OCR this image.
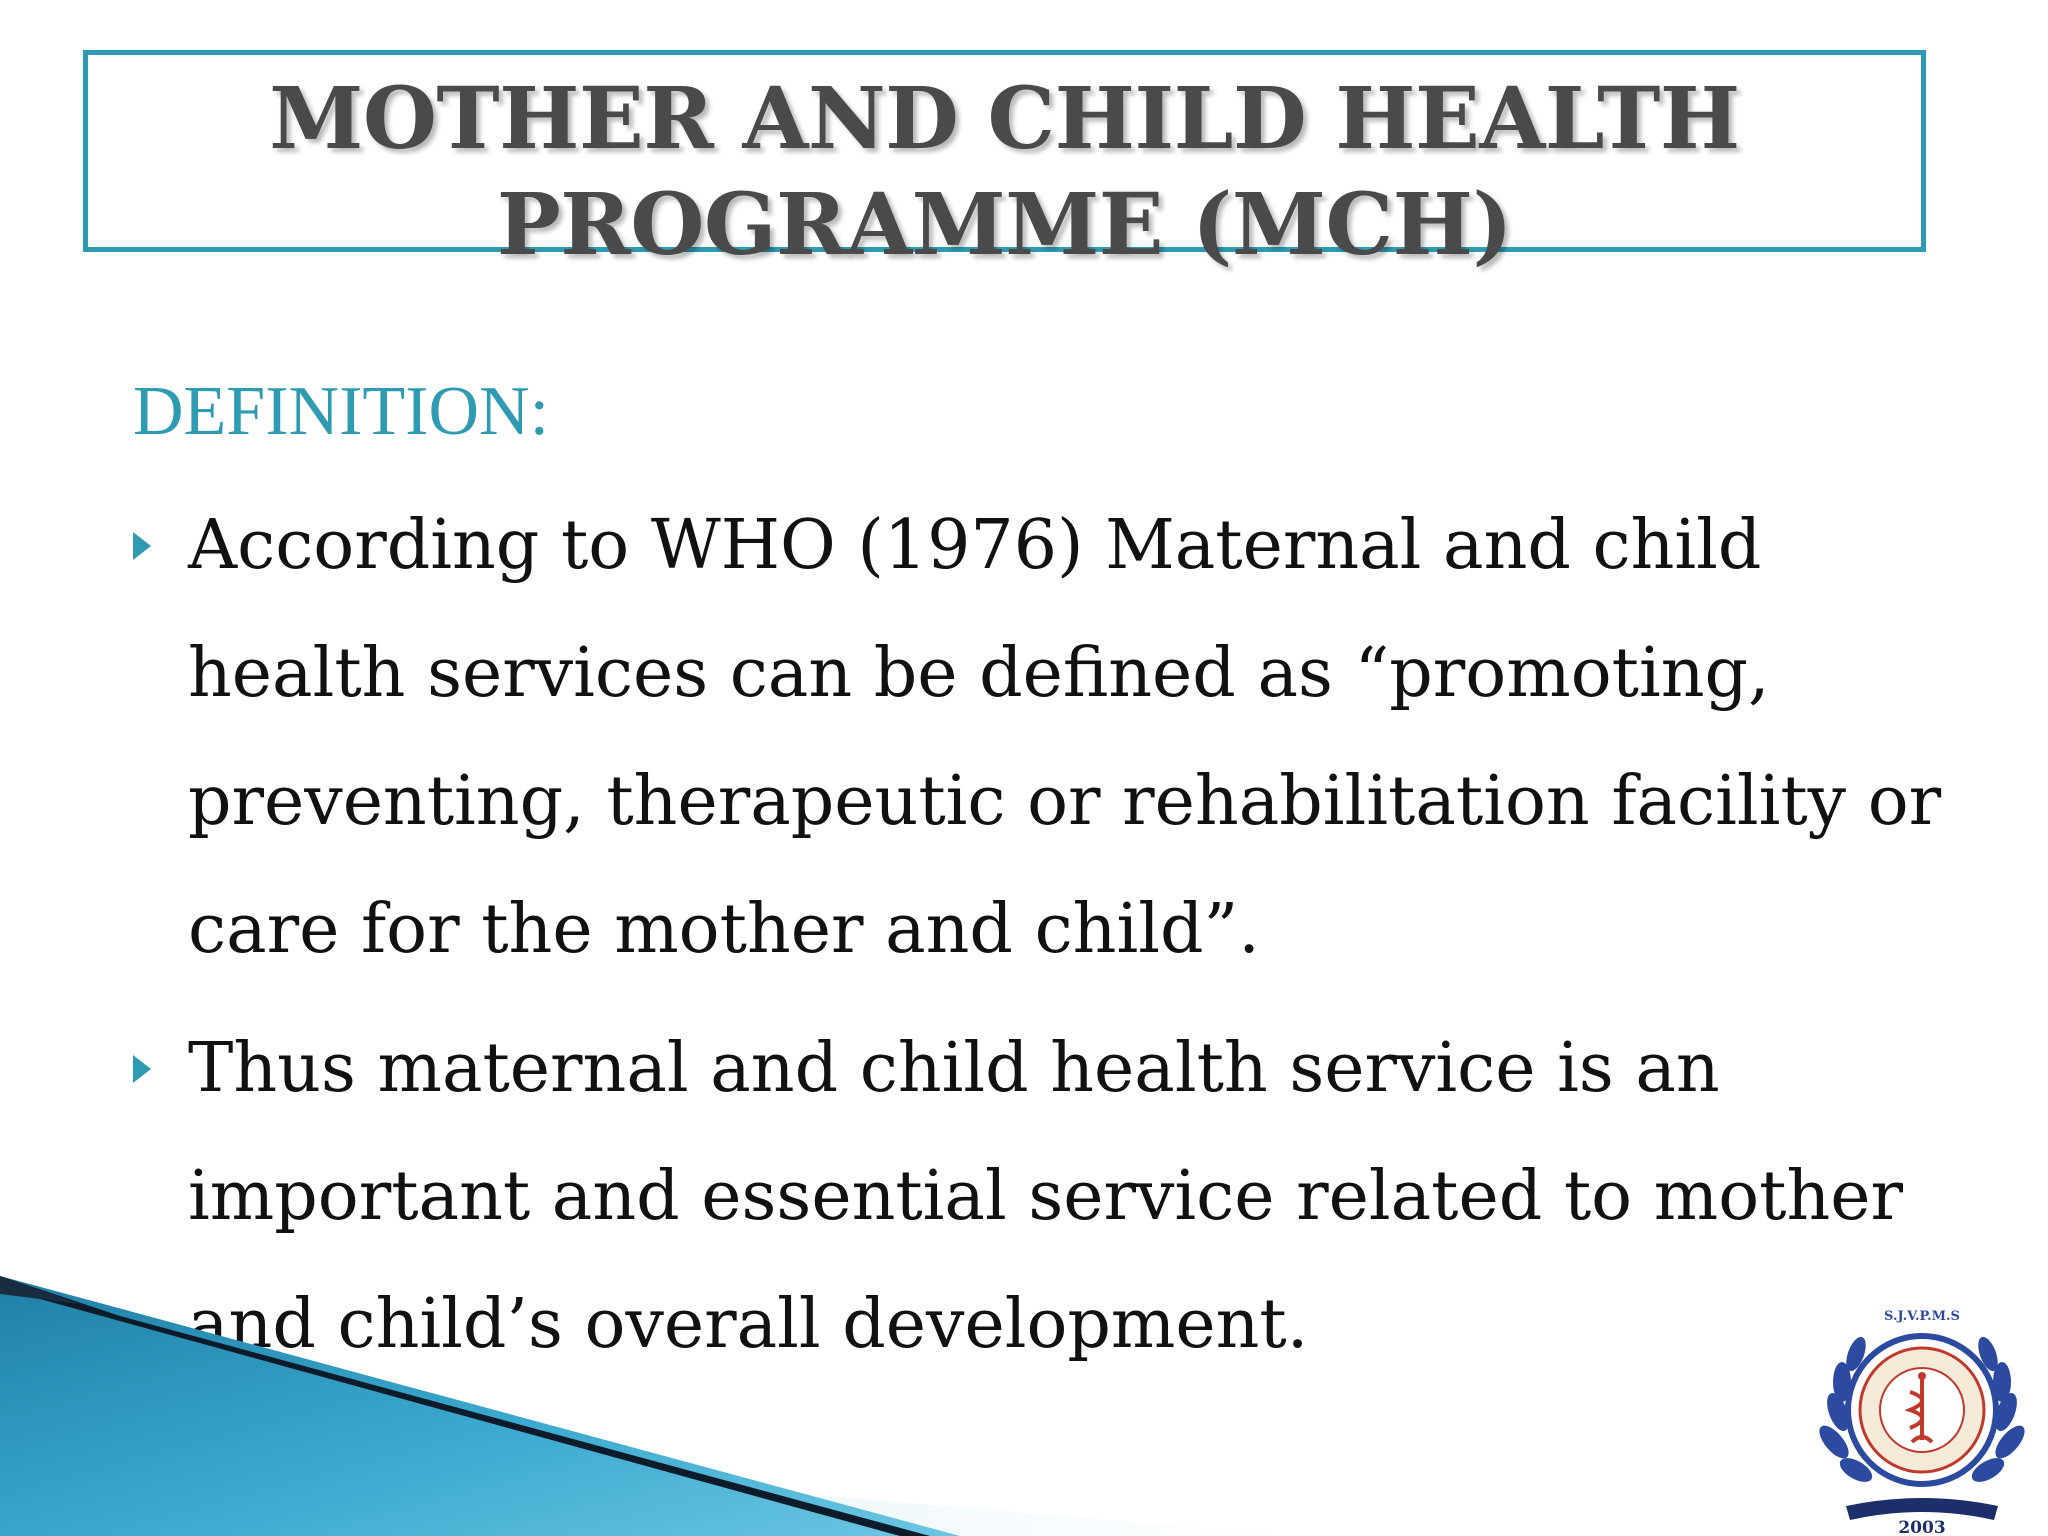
MOTHER AND CHILD HEALTH
PROGRAMME (MCH)

DEFINITION:

According to WHO (1976) Maternal and child health services can be defined as “promoting, preventing, therapeutic or rehabilitation facility or care for the mother and child”.

Thus maternal and child health service is an important and essential service related to mother and child’s overall development.	S.J.V.P.M.S
2003
